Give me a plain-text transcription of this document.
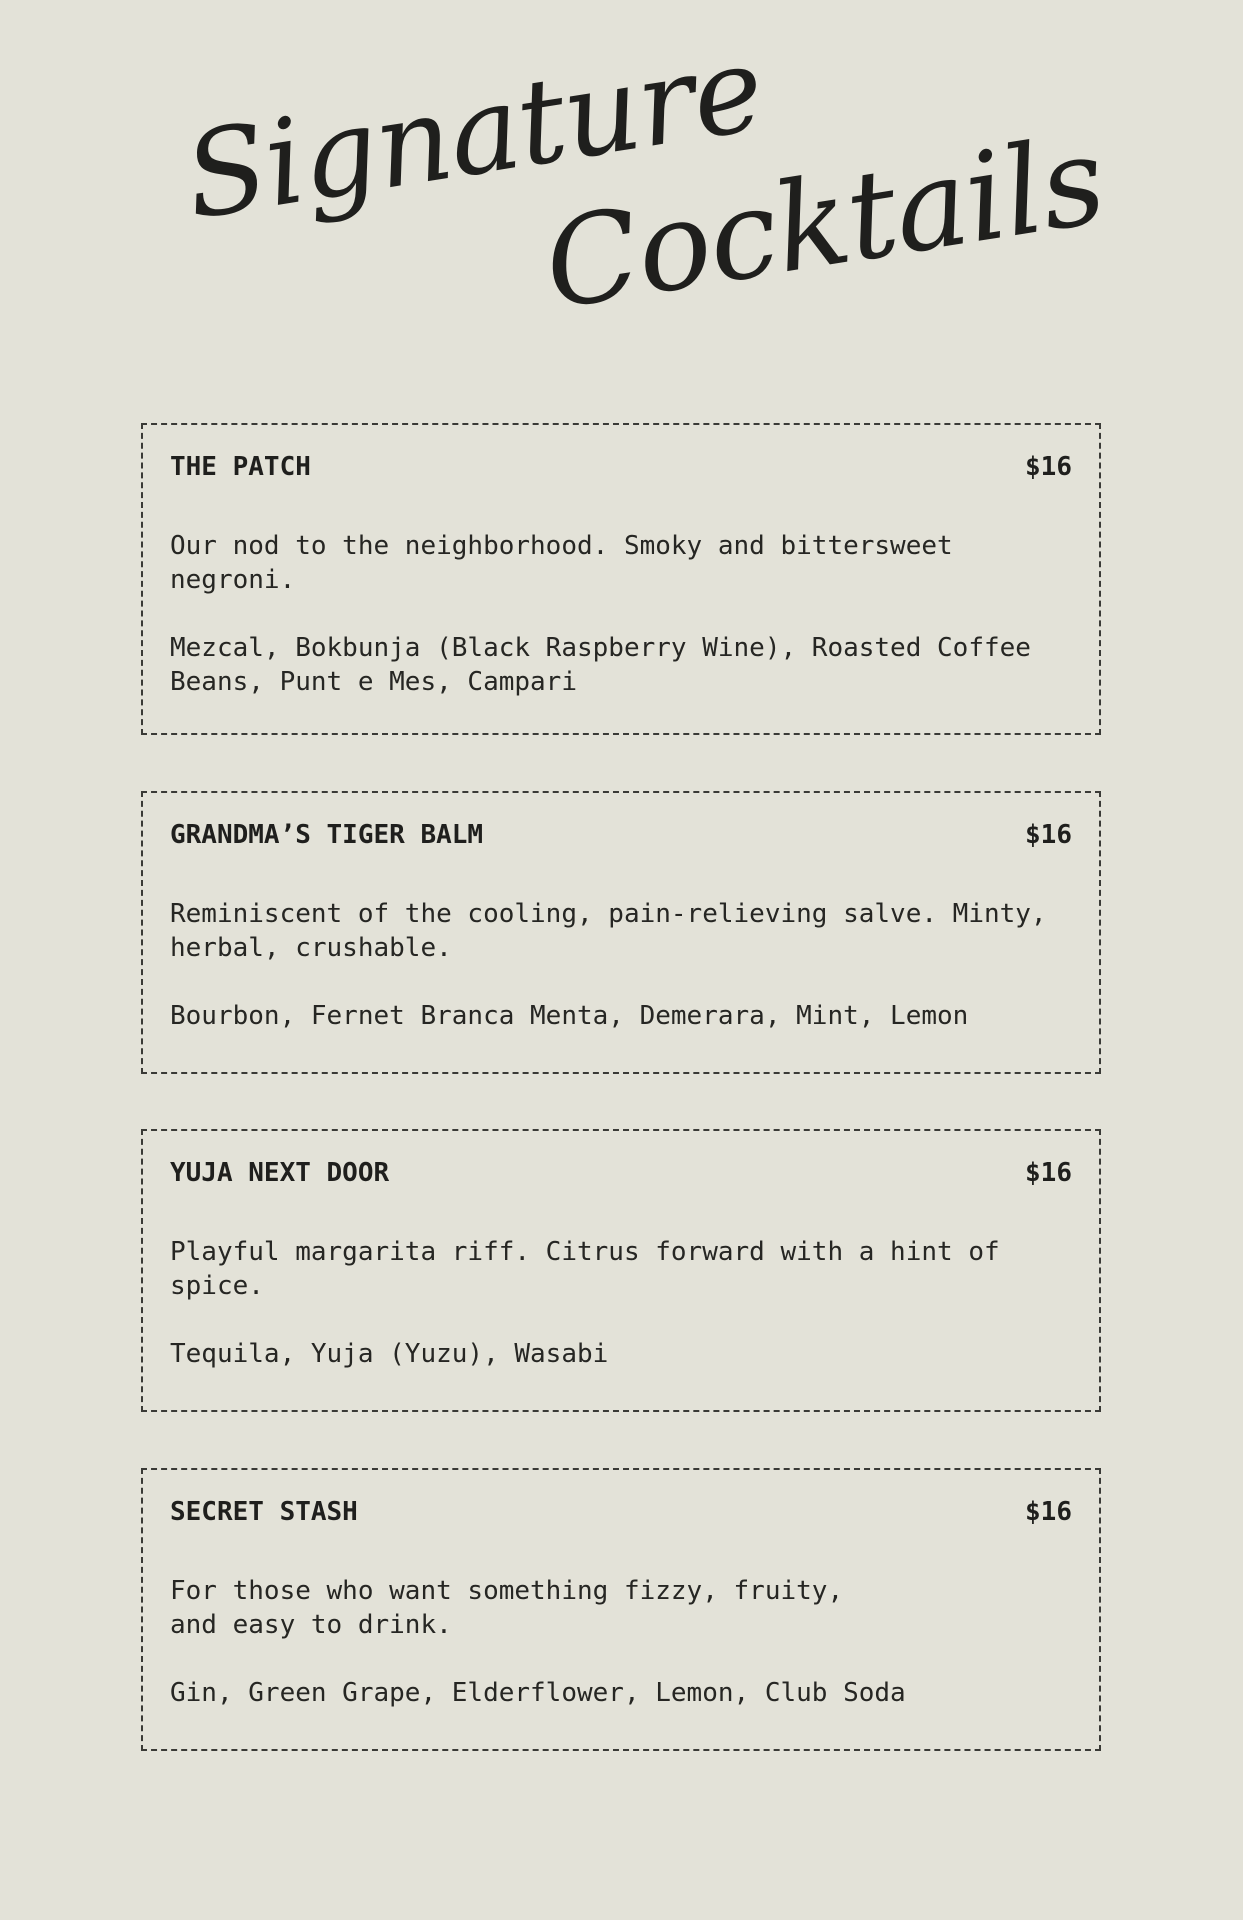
Signature
Cocktails
THE PATCH	$16
Our nod to the neighborhood. Smoky and bittersweet negroni.
Mezcal, Bokbunja (Black Raspberry Wine), Roasted Coffee Beans, Punt e Mes, Campari
GRANDMA’S TIGER BALM	$16
Reminiscent of the cooling, pain-relieving salve. Minty, herbal, crushable.
Bourbon, Fernet Branca Menta, Demerara, Mint, Lemon
YUJA NEXT DOOR	$16
Playful margarita riff. Citrus forward with a hint of spice.
Tequila, Yuja (Yuzu), Wasabi
SECRET STASH	$16
For those who want something fizzy, fruity, and easy to drink.
Gin, Green Grape, Elderflower, Lemon, Club Soda
